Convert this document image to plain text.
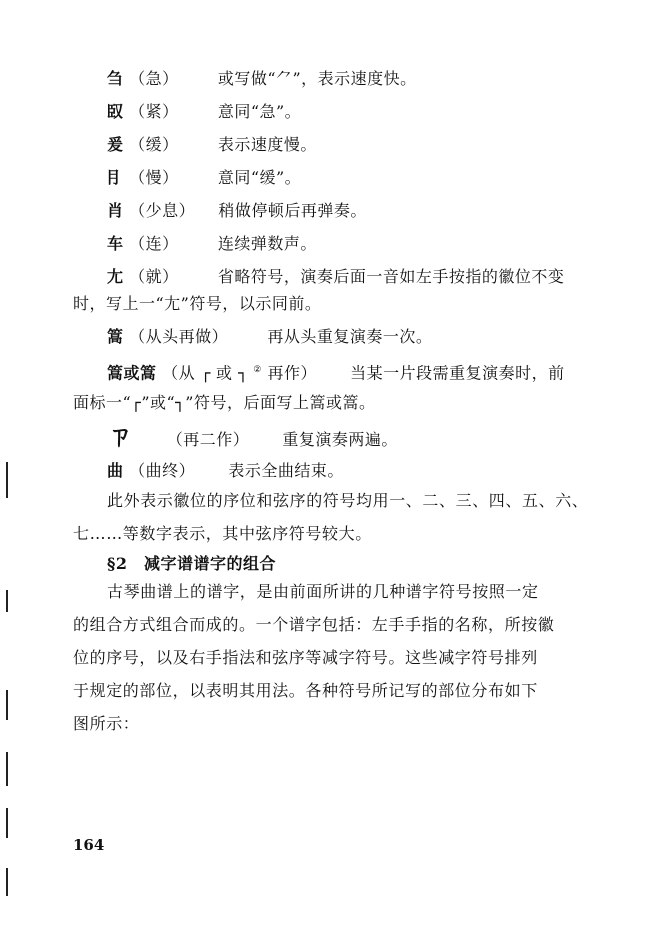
刍 （急） 或写做“⺈”，表示速度快。
臤 （紧） 意同“急”。
爰 （缓） 表示速度慢。
⺝ （慢） 意同“缓”。
肖 （少息） 稍做停顿后再弹奏。
车 （连） 连续弹数声。
尢 （就） 省略符号，演奏后面一音如左手按指的徽位不变
时，写上一“尢”符号，以示同前。
篙 （从头再做） 再从头重复演奏一次。
篙或篙 （从 ┌ 或 ┐ ② 再作） 当某一片段需重复演奏时，前
面标一“┌”或“┐”符号，后面写上篙或篙。
ㄗ （再二作） 重复演奏两遍。
曲 （曲终） 表示全曲结束。
此外表示徽位的序位和弦序的符号均用一、二、三、四、五、六、
七……等数字表示，其中弦序符号较大。
§2　减字谱谱字的组合
古琴曲谱上的谱字，是由前面所讲的几种谱字符号按照一定
的组合方式组合而成的。一个谱字包括：左手手指的名称，所按徽
位的序号，以及右手指法和弦序等减字符号。这些减字符号排列
于规定的部位，以表明其用法。各种符号所记写的部位分布如下
图所示：
164
